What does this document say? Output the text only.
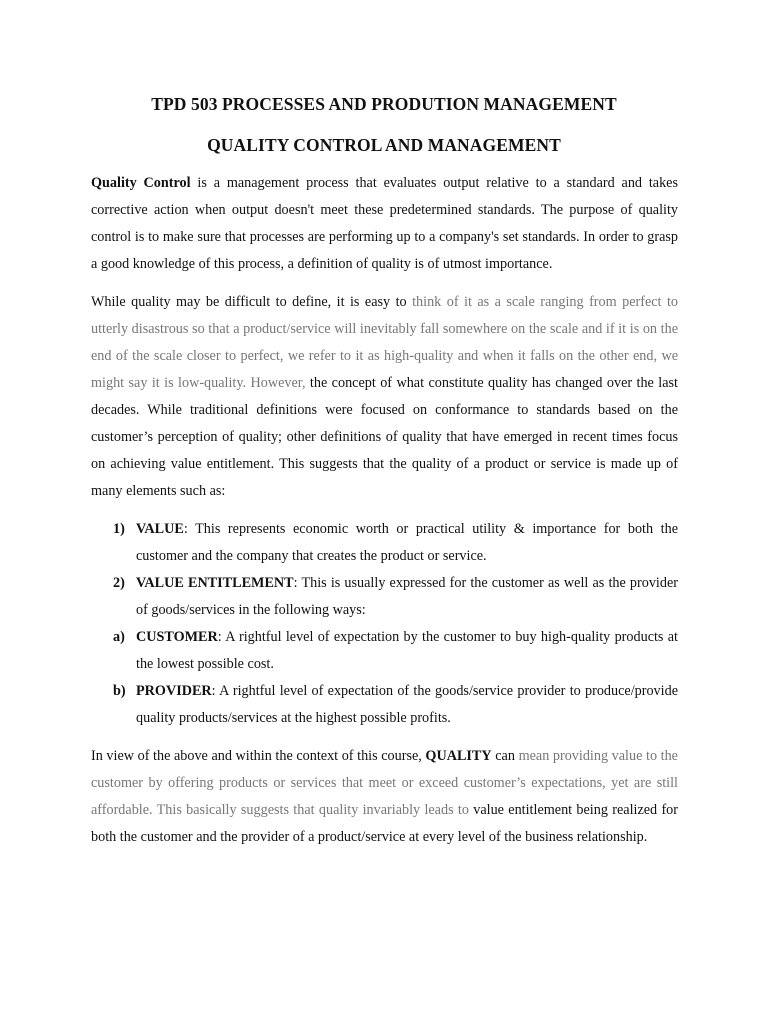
TPD 503 PROCESSES AND PRODUTION MANAGEMENT
QUALITY CONTROL AND MANAGEMENT
Quality Control is a management process that evaluates output relative to a standard and takes corrective action when output doesn't meet these predetermined standards. The purpose of quality control is to make sure that processes are performing up to a company's set standards. In order to grasp a good knowledge of this process, a definition of quality is of utmost importance.
While quality may be difficult to define, it is easy to think of it as a scale ranging from perfect to utterly disastrous so that a product/service will inevitably fall somewhere on the scale and if it is on the end of the scale closer to perfect, we refer to it as high-quality and when it falls on the other end, we might say it is low-quality. However, the concept of what constitute quality has changed over the last decades. While traditional definitions were focused on conformance to standards based on the customer’s perception of quality; other definitions of quality that have emerged in recent times focus on achieving value entitlement. This suggests that the quality of a product or service is made up of many elements such as:
1) VALUE: This represents economic worth or practical utility & importance for both the customer and the company that creates the product or service.
2) VALUE ENTITLEMENT: This is usually expressed for the customer as well as the provider of goods/services in the following ways:
a) CUSTOMER: A rightful level of expectation by the customer to buy high-quality products at the lowest possible cost.
b) PROVIDER: A rightful level of expectation of the goods/service provider to produce/provide quality products/services at the highest possible profits.
In view of the above and within the context of this course, QUALITY can mean providing value to the customer by offering products or services that meet or exceed customer’s expectations, yet are still affordable. This basically suggests that quality invariably leads to value entitlement being realized for both the customer and the provider of a product/service at every level of the business relationship.
